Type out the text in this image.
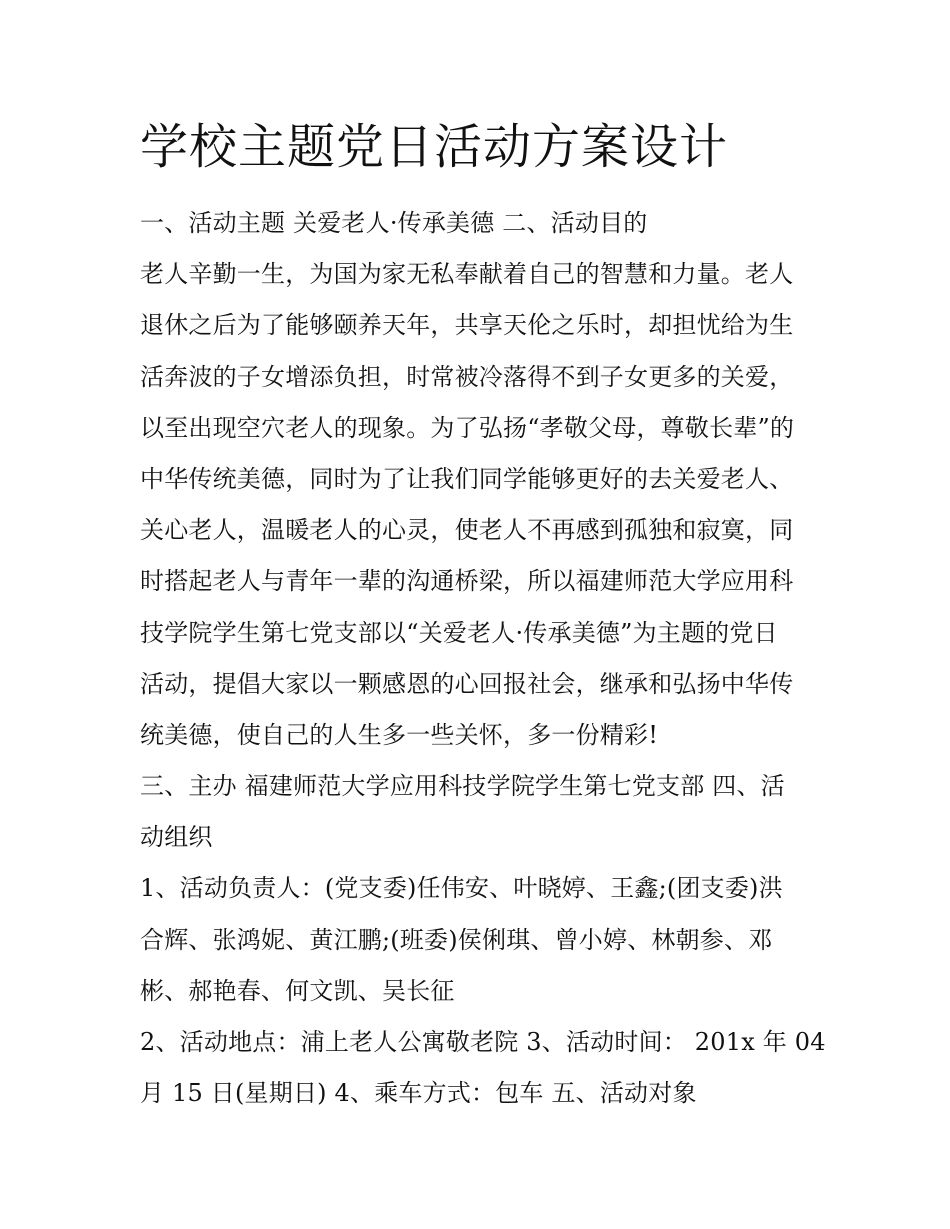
学校主题党日活动方案设计
一、活动主题 关爱老人·传承美德 二、活动目的
老人辛勤一生，为国为家无私奉献着自己的智慧和力量。老人
退休之后为了能够颐养天年，共享天伦之乐时，却担忧给为生
活奔波的子女增添负担，时常被冷落得不到子女更多的关爱，
以至出现空穴老人的现象。为了弘扬“孝敬父母，尊敬长辈”的
中华传统美德，同时为了让我们同学能够更好的去关爱老人、
关心老人，温暖老人的心灵，使老人不再感到孤独和寂寞，同
时搭起老人与青年一辈的沟通桥梁，所以福建师范大学应用科
技学院学生第七党支部以“关爱老人·传承美德”为主题的党日
活动，提倡大家以一颗感恩的心回报社会，继承和弘扬中华传
统美德，使自己的人生多一些关怀，多一份精彩!
三、主办 福建师范大学应用科技学院学生第七党支部 四、活
动组织
1、活动负责人：(党支委)任伟安、叶晓婷、王鑫;(团支委)洪
合辉、张鸿妮、黄江鹏;(班委)侯俐琪、曾小婷、林朝参、邓
彬、郝艳春、何文凯、吴长征
2、活动地点：浦上老人公寓敬老院 3、活动时间： 201x 年 04
月 15 日(星期日) 4、乘车方式：包车 五、活动对象
